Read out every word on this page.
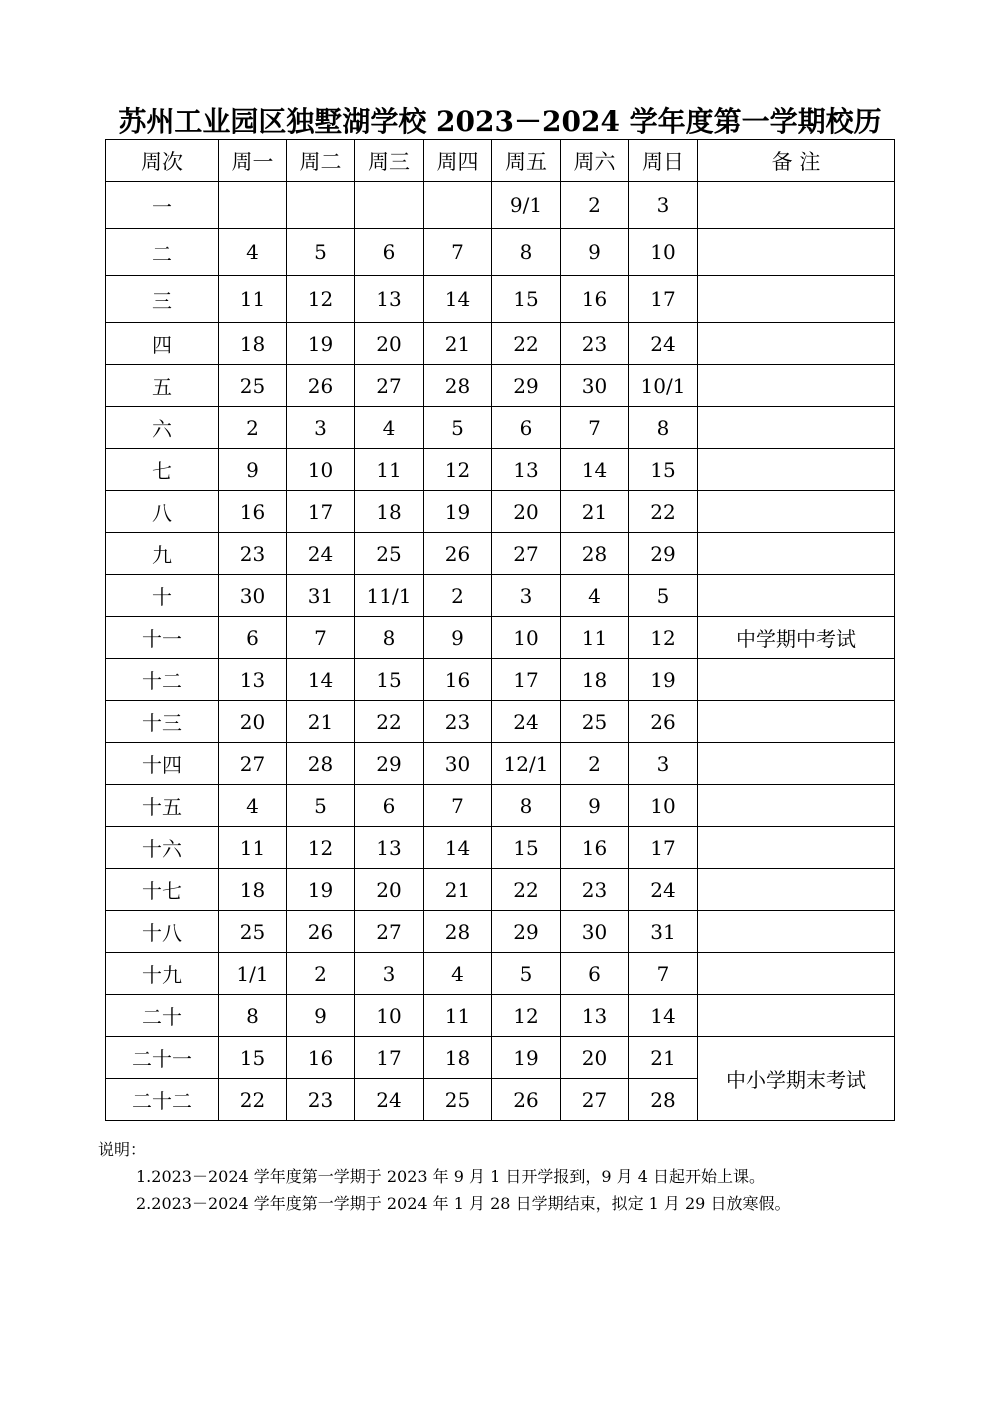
苏州工业园区独墅湖学校 2023－2024 学年度第一学期校历
周次	周一	周二	周三	周四	周五	周六	周日	备 注
一					9/1	2	3	
二	4	5	6	7	8	9	10	
三	11	12	13	14	15	16	17	
四	18	19	20	21	22	23	24	
五	25	26	27	28	29	30	10/1	
六	2	3	4	5	6	7	8	
七	9	10	11	12	13	14	15	
八	16	17	18	19	20	21	22	
九	23	24	25	26	27	28	29	
十	30	31	11/1	2	3	4	5	
十一	6	7	8	9	10	11	12	中学期中考试
十二	13	14	15	16	17	18	19	
十三	20	21	22	23	24	25	26	
十四	27	28	29	30	12/1	2	3	
十五	4	5	6	7	8	9	10	
十六	11	12	13	14	15	16	17	
十七	18	19	20	21	22	23	24	
十八	25	26	27	28	29	30	31	
十九	1/1	2	3	4	5	6	7	
二十	8	9	10	11	12	13	14	
二十一	15	16	17	18	19	20	21	中小学期末考试
二十二	22	23	24	25	26	27	28	
说明：
1.2023－2024 学年度第一学期于 2023 年 9 月 1 日开学报到，9 月 4 日起开始上课。
2.2023－2024 学年度第一学期于 2024 年 1 月 28 日学期结束，拟定 1 月 29 日放寒假。
